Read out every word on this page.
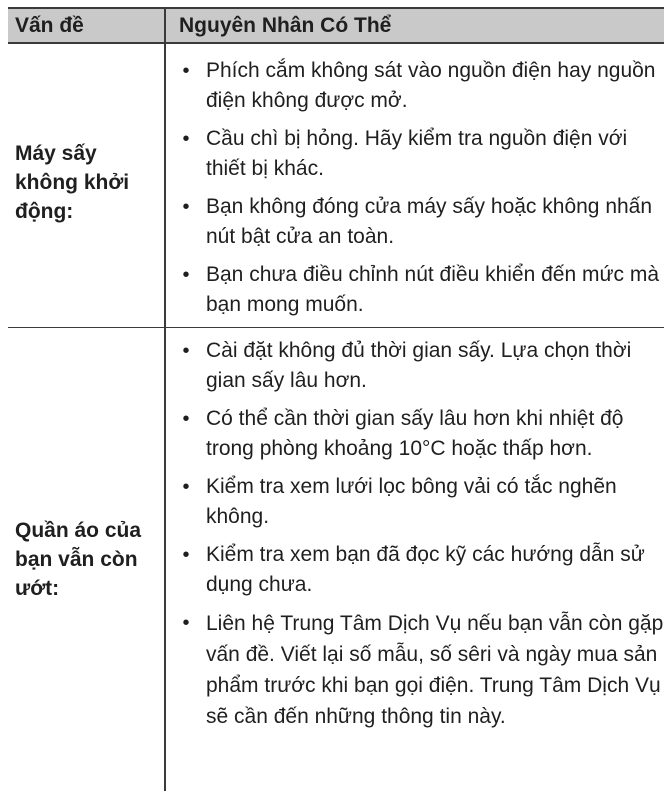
Vấn đề	Nguyên Nhân Có Thể
Máy sấy không khởi động:
• Phích cắm không sát vào nguồn điện hay nguồn điện không được mở.
• Cầu chì bị hỏng. Hãy kiểm tra nguồn điện với thiết bị khác.
• Bạn không đóng cửa máy sấy hoặc không nhấn nút bật cửa an toàn.
• Bạn chưa điều chỉnh nút điều khiển đến mức mà bạn mong muốn.
Quần áo của bạn vẫn còn ướt:
• Cài đặt không đủ thời gian sấy. Lựa chọn thời gian sấy lâu hơn.
• Có thể cần thời gian sấy lâu hơn khi nhiệt độ trong phòng khoảng 10°C hoặc thấp hơn.
• Kiểm tra xem lưới lọc bông vải có tắc nghẽn không.
• Kiểm tra xem bạn đã đọc kỹ các hướng dẫn sử dụng chưa.
• Liên hệ Trung Tâm Dịch Vụ nếu bạn vẫn còn gặp vấn đề. Viết lại số mẫu, số sêri và ngày mua sản phẩm trước khi bạn gọi điện. Trung Tâm Dịch Vụ sẽ cần đến những thông tin này.
